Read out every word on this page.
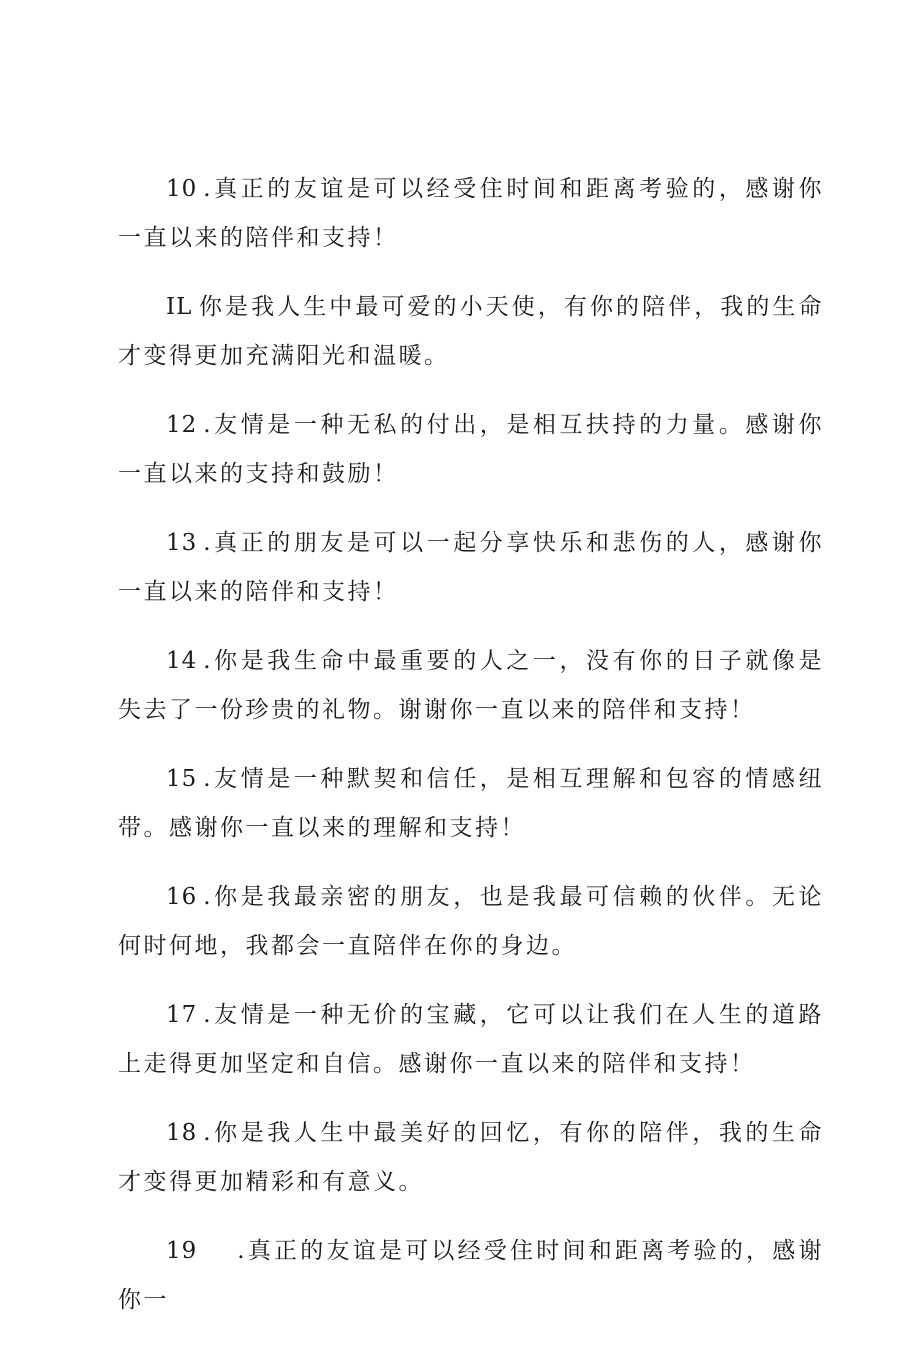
10 .真正的友谊是可以经受住时间和距离考验的，感谢你一直以来的陪伴和支持！

IL 你是我人生中最可爱的小天使，有你的陪伴，我的生命才变得更加充满阳光和温暖。

12 .友情是一种无私的付出，是相互扶持的力量。感谢你一直以来的支持和鼓励！

13 .真正的朋友是可以一起分享快乐和悲伤的人，感谢你一直以来的陪伴和支持！

14 .你是我生命中最重要的人之一，没有你的日子就像是失去了一份珍贵的礼物。谢谢你一直以来的陪伴和支持！

15 .友情是一种默契和信任，是相互理解和包容的情感纽带。感谢你一直以来的理解和支持！

16 .你是我最亲密的朋友，也是我最可信赖的伙伴。无论何时何地，我都会一直陪伴在你的身边。

17 .友情是一种无价的宝藏，它可以让我们在人生的道路上走得更加坚定和自信。感谢你一直以来的陪伴和支持！

18 .你是我人生中最美好的回忆，有你的陪伴，我的生命才变得更加精彩和有意义。

19 .真正的友谊是可以经受住时间和距离考验的，感谢你一
